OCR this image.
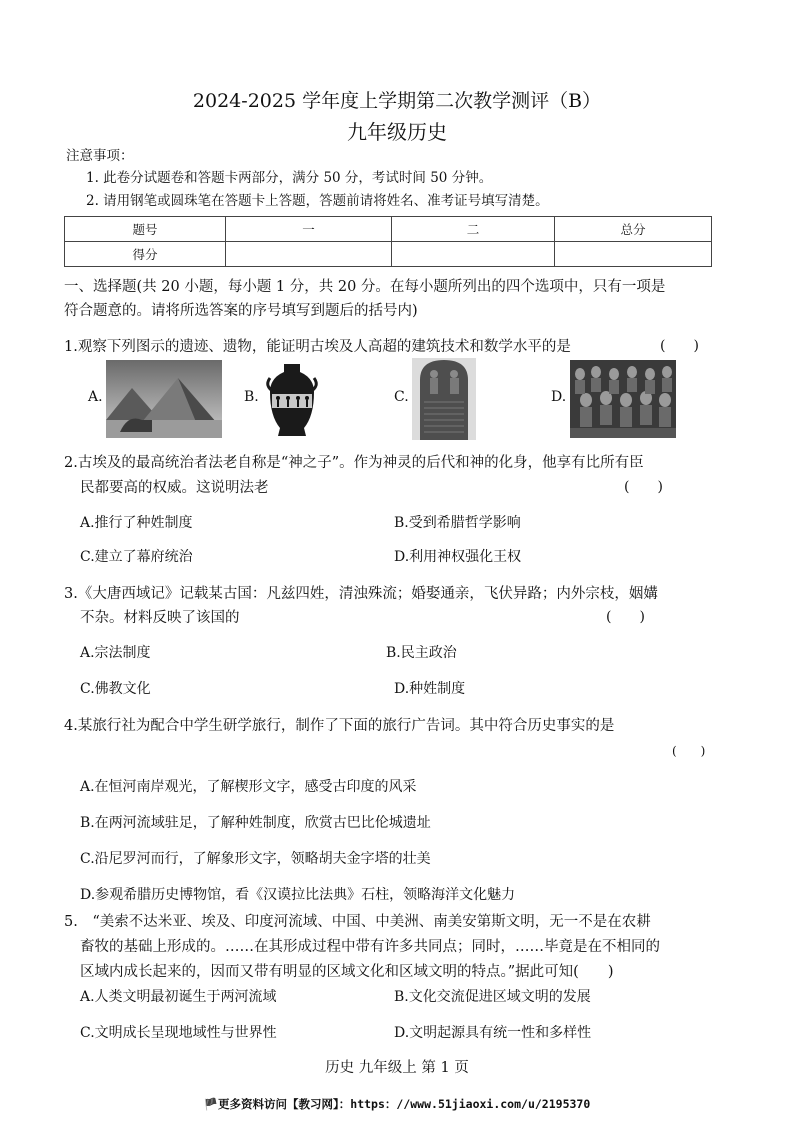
2024-2025 学年度上学期第二次教学测评（B）
九年级历史
注意事项：
1. 此卷分试题卷和答题卡两部分，满分 50 分，考试时间 50 分钟。
2. 请用钢笔或圆珠笔在答题卡上答题，答题前请将姓名、准考证号填写清楚。
题号	一	二	总分
得分			
一、选择题(共 20 小题，每小题 1 分，共 20 分。在每小题所列出的四个选项中，只有一项是
符合题意的。请将所选答案的序号填写到题后的括号内)
1.观察下列图示的遗迹、遗物，能证明古埃及人高超的建筑技术和数学水平的是	(　　)
A.	B.	C.	D.
2.古埃及的最高统治者法老自称是“神之子”。作为神灵的后代和神的化身，他享有比所有臣
民都要高的权威。这说明法老	(　　)
A.推行了种姓制度	B.受到希腊哲学影响
C.建立了幕府统治	D.利用神权强化王权
3.《大唐西域记》记载某古国：凡兹四姓，清浊殊流；婚娶通亲，飞伏异路；内外宗枝，姻媾
不杂。材料反映了该国的	(　　)
A.宗法制度	B.民主政治
C.佛教文化	D.种姓制度
4.某旅行社为配合中学生研学旅行，制作了下面的旅行广告词。其中符合历史事实的是
(　　)
A.在恒河南岸观光，了解楔形文字，感受古印度的风采
B.在两河流域驻足，了解种姓制度，欣赏古巴比伦城遗址
C.沿尼罗河而行，了解象形文字，领略胡夫金字塔的壮美
D.参观希腊历史博物馆，看《汉谟拉比法典》石柱，领略海洋文化魅力
5.　“美索不达米亚、埃及、印度河流域、中国、中美洲、南美安第斯文明，无一不是在农耕
畜牧的基础上形成的。……在其形成过程中带有许多共同点；同时，……毕竟是在不相同的
区域内成长起来的，因而又带有明显的区域文化和区域文明的特点。”据此可知(　　)
A.人类文明最初诞生于两河流域	B.文化交流促进区域文明的发展
C.文明成长呈现地域性与世界性	D.文明起源具有统一性和多样性
历史 九年级上 第 1 页
🏴更多资料访问【教习网】：https：//www.51jiaoxi.com/u/2195370
